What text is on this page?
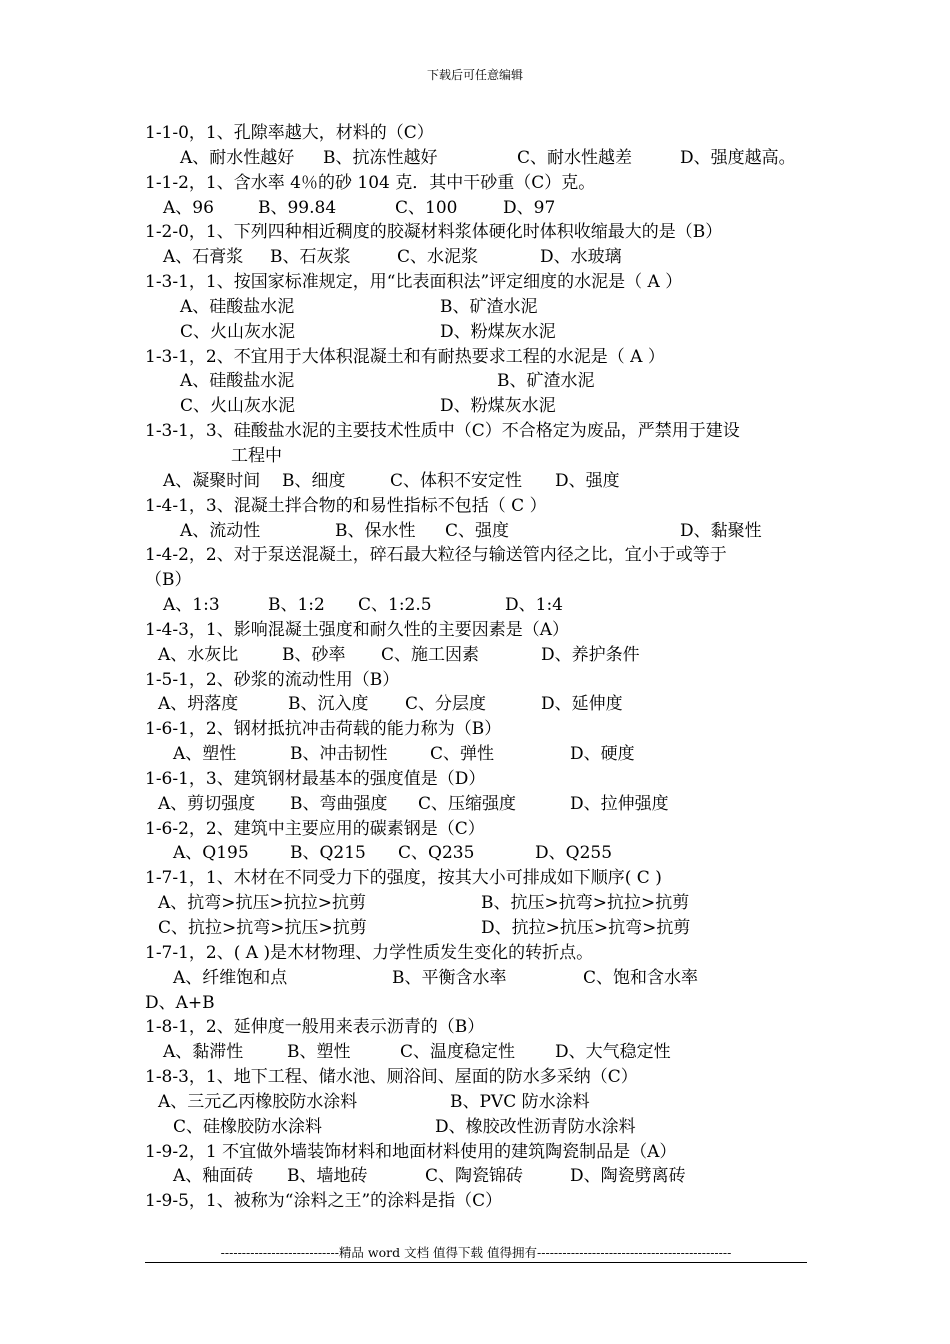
下载后可任意编辑
1-1-0，1、孔隙率越大，材料的（C）
A、耐水性越好 B、抗冻性越好	C、耐水性越差	D、强度越高。
1-1-2，1、含水率 4％的砂 104 克．其中干砂重（C）克。
A、96	B、99.84	C、100	D、97
1-2-0，1、下列四种相近稠度的胶凝材料浆体硬化时体积收缩最大的是（B）
A、石膏浆 B、石灰浆	C、水泥浆	D、水玻璃
1-3-1，1、按国家标准规定，用“比表面积法”评定细度的水泥是（ A ）
A、硅酸盐水泥	B、矿渣水泥
C、火山灰水泥	D、粉煤灰水泥
1-3-1，2、不宜用于大体积混凝土和有耐热要求工程的水泥是（ A ）
A、硅酸盐水泥	B、矿渣水泥
C、火山灰水泥	D、粉煤灰水泥
1-3-1，3、硅酸盐水泥的主要技术性质中（C）不合格定为废品，严禁用于建设
工程中
A、凝聚时间 B、细度	C、体积不安定性 D、强度
1-4-1，3、混凝土拌合物的和易性指标不包括（ C ）
A、流动性	B、保水性 C、强度	D、黏聚性
1-4-2，2、对于泵送混凝土，碎石最大粒径与输送管内径之比，宜小于或等于
（B）
A、1:3	B、1:2 C、1:2.5	D、1:4
1-4-3，1、影响混凝土强度和耐久性的主要因素是（A）
A、水灰比	B、砂率 C、施工因素	D、养护条件
1-5-1，2、砂浆的流动性用（B）
A、坍落度	B、沉入度 C、分层度	D、延伸度
1-6-1，2、钢材抵抗冲击荷载的能力称为（B）
A、塑性	B、冲击韧性	C、弹性	D、硬度
1-6-1，3、建筑钢材最基本的强度值是（D）
A、剪切强度 B、弯曲强度 C、压缩强度	D、拉伸强度
1-6-2，2、建筑中主要应用的碳素钢是（C）
A、Q195 B、Q215 C、Q235	D、Q255
1-7-1，1、木材在不同受力下的强度，按其大小可排成如下顺序( C )
A、抗弯>抗压>抗拉>抗剪	B、抗压>抗弯>抗拉>抗剪
C、抗拉>抗弯>抗压>抗剪	D、抗拉>抗压>抗弯>抗剪
1-7-1，2、( A )是木材物理、力学性质发生变化的转折点。
A、纤维饱和点	B、平衡含水率	C、饱和含水率
D、A+B
1-8-1，2、延伸度一般用来表示沥青的（B）
A、黏滞性	B、塑性	C、温度稳定性 D、大气稳定性
1-8-3，1、地下工程、储水池、厕浴间、屋面的防水多采纳（C）
A、三元乙丙橡胶防水涂料	B、PVC 防水涂料
C、硅橡胶防水涂料	D、橡胶改性沥青防水涂料
1-9-2，1 不宜做外墙装饰材料和地面材料使用的建筑陶瓷制品是（A）
A、釉面砖 B、墙地砖	C、陶瓷锦砖	D、陶瓷劈离砖
1-9-5，1、被称为“涂料之王”的涂料是指（C）
----------------------------精品 word 文档 值得下载 值得拥有----------------------------------------------
